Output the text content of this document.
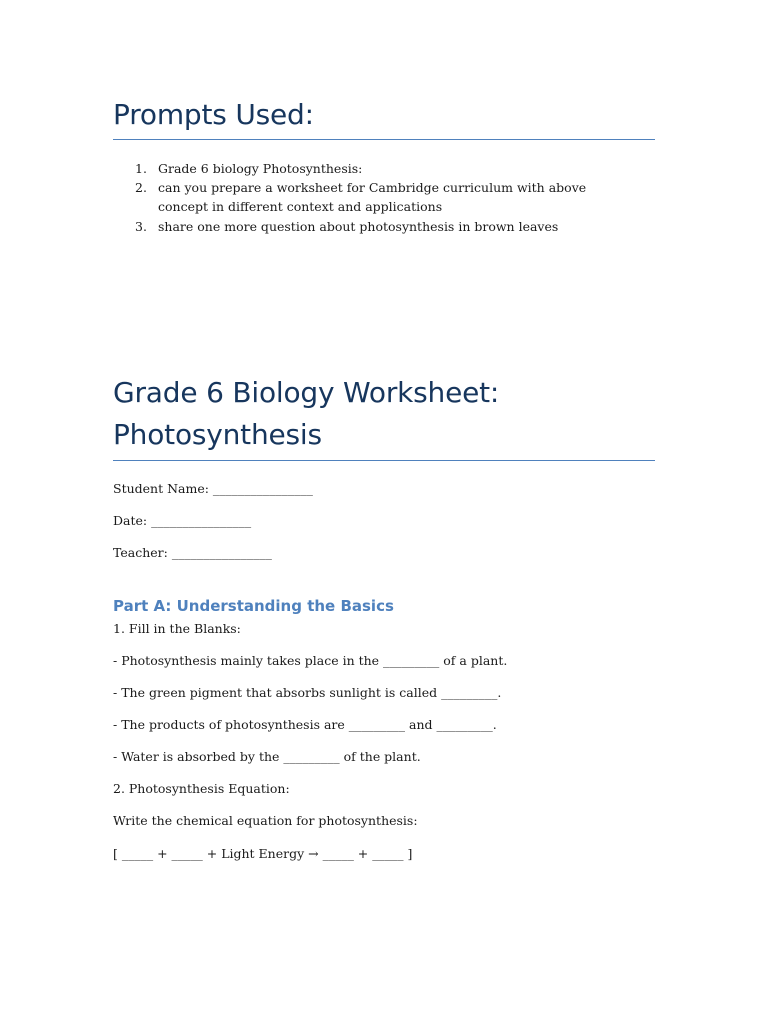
Prompts Used:
1. Grade 6 biology Photosynthesis:
2. can you prepare a worksheet for Cambridge curriculum with above concept in different context and applications
3. share one more question about photosynthesis in brown leaves
Grade 6 Biology Worksheet:
Photosynthesis
Student Name: ________________
Date: ________________
Teacher: ________________
Part A: Understanding the Basics
1. Fill in the Blanks:
- Photosynthesis mainly takes place in the _________ of a plant.
- The green pigment that absorbs sunlight is called _________.
- The products of photosynthesis are _________ and _________.
- Water is absorbed by the _________ of the plant.
2. Photosynthesis Equation:
Write the chemical equation for photosynthesis:
[ _____ + _____ + Light Energy → _____ + _____ ]
